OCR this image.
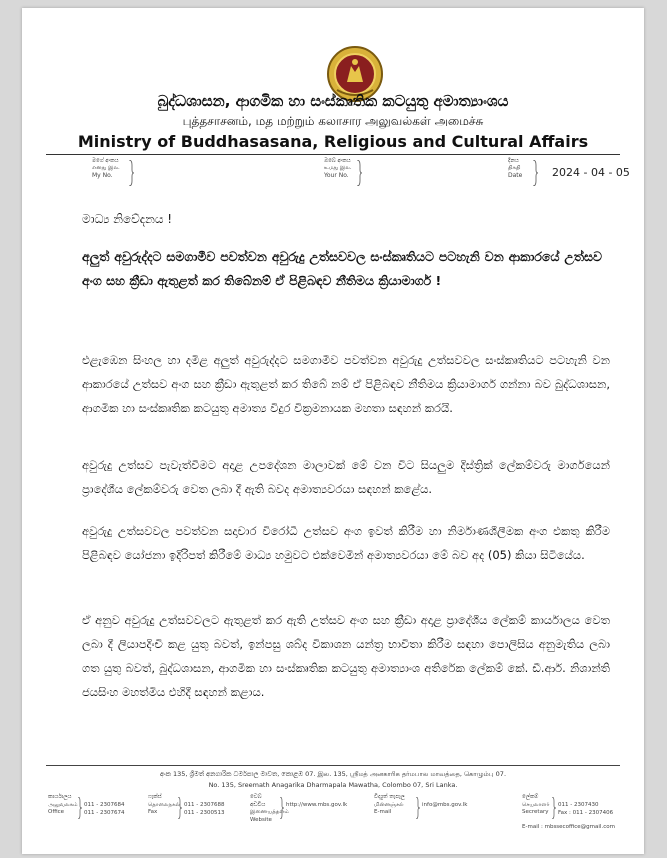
බුද්ධශාසන, ආගමික හා සංස්කෘතික කටයුතු අමාත්‍යාංශය
புத்தசாசனம், மத மற்றும் கலாசார அலுவல்கள் அமைச்சு
Ministry of Buddhasasana, Religious and Cultural Affairs
මගේ අංකය
எனது இல.
My No.
ඔබේ අංකය
உமது இல.
Your No.
දිනය
திகதி
Date	2024 - 04 - 05
මාධ්‍ය නිවේදනය !
අලුත් අවුරුද්දට සමගාමීව පවත්වන අවුරුදු උත්සවවල සංස්කෘතියට පටහැනි වන ආකාරයේ උත්සව අංග සහ ක්‍රීඩා ඇතුළත් කර තිබේනම් ඒ පිළිබඳව නීතිමය ක්‍රියාමාර්ග !
එළැඹෙන සිංහල හා දමිළ අලුත් අවුරුද්දට සමගාමීව පවත්වන අවුරුදු උත්සවවල සංස්කෘතියට පටහැනි වන ආකාරයේ උත්සව අංග සහ ක්‍රීඩා ඇතුළත් කර තිබේ නම් ඒ පිළිබඳව නීතිමය ක්‍රියාමාර්ග ගන්නා බව බුද්ධශාසන, ආගමික හා සංස්කෘතික කටයුතු අමාත්‍ය විදුර වික්‍රමනායක මහතා සඳහන් කරයි.
අවුරුදු උත්සව පැවැත්වීමට අදාළ උපදේශන මාලාවක් මේ වන විට සියලුම දිස්ත්‍රික් ලේකම්වරු මාර්ගයෙන් ප්‍රාදේශීය ලේකම්වරු වෙත ලබා දී ඇති බවද අමාත්‍යවරයා සඳහන් කළේය.
අවුරුදු උත්සවවල පවත්වන සදාචාර විරෝධී උත්සව අංග ඉවත් කිරීම හා නිර්මාණශීලීමක අංග එකතු කිරීම පිළිබඳව යෝජනා ඉදිරිපත් කිරීමේ මාධ්‍ය හමුවට එක්වෙමින් අමාත්‍යවරයා මේ බව අද (05) කියා සිටියේය.
ඒ අනුව අවුරුදු උත්සවවලට ඇතුළත් කර ඇති උත්සව අංග සහ ක්‍රීඩා අදාළ ප්‍රාදේශීය ලේකම් කාර්යාලය වෙත ලබා දී ලියාපදිංචි කළ යුතු බවත්, ඉන්පසු ශබ්ද විකාශන යන්ත්‍ර භාවිතා කිරීම සඳහා පොලිසිය අනුමැතිය ලබා ගත යුතු බවත්, බුද්ධශාසන, ආගමික හා සංස්කෘතික කටයුතු අමාත්‍යාංශ අතිරේක ලේකම් කේ. ඩී.ආර්. නිශාන්ති ජයසිංහ මහත්මිය එහිදී සඳහන් කළාය.
අංක 135, ශ්‍රීමත් අනගාරික ධර්මපාල මාවත, කොළඹ 07. இல. 135, ஸ்ரீமத் அனகாரிக தர்மபால மாவத்தை, கொழும்பு 07.
No. 135, Sreemath Anagarika Dharmapala Mawatha, Colombo 07, Sri Lanka.
කාර්යාලය
அலுவலகம்
Office
011 - 2307684
011 - 2307674
ෆැක්ස්
தொலைநகல்
Fax
011 - 2307688
011 - 2300513
වෙබ් අඩවිය
இணையத்தளம்
Website
http://www.mbs.gov.lk
විද්‍යුත් තැපෑල
மின்னஞ்சல்
E-mail
info@mbs.gov.lk
ලේකම්
செயலாளர்
Secretary
011 - 2307430
Fax : 011 - 2307406
E-mail : mbssecoffice@gmail.com
